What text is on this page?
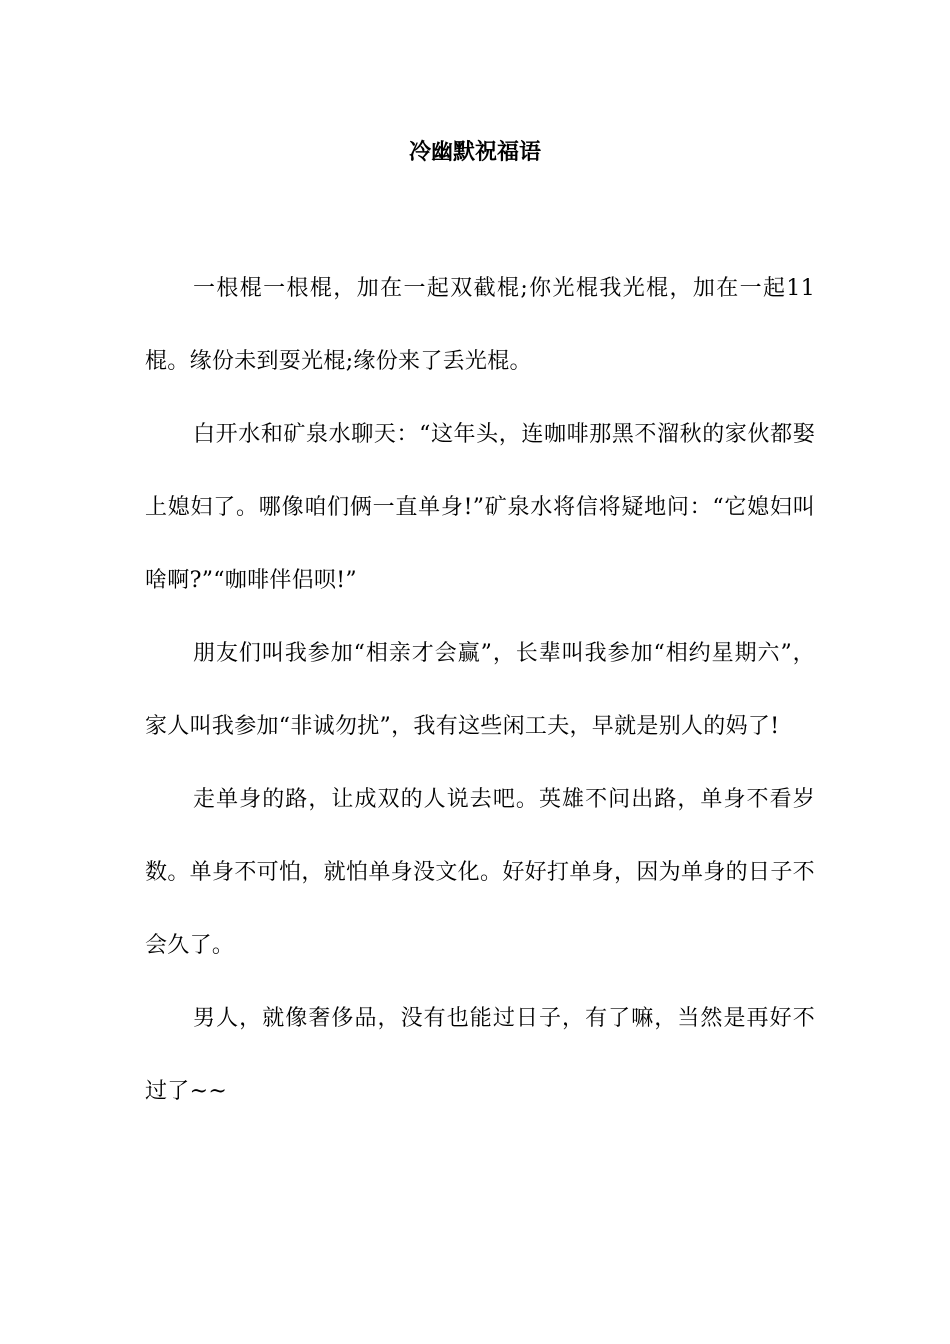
冷幽默祝福语

一根棍一根棍，加在一起双截棍;你光棍我光棍，加在一起11棍。缘份未到耍光棍;缘份来了丢光棍。

白开水和矿泉水聊天：“这年头，连咖啡那黑不溜秋的家伙都娶上媳妇了。哪像咱们俩一直单身!”矿泉水将信将疑地问：“它媳妇叫啥啊?”“咖啡伴侣呗!”

朋友们叫我参加“相亲才会赢”，长辈叫我参加“相约星期六”，家人叫我参加“非诚勿扰”，我有这些闲工夫，早就是别人的妈了!

走单身的路，让成双的人说去吧。英雄不问出路，单身不看岁数。单身不可怕，就怕单身没文化。好好打单身，因为单身的日子不会久了。

男人，就像奢侈品，没有也能过日子，有了嘛，当然是再好不过了~~
